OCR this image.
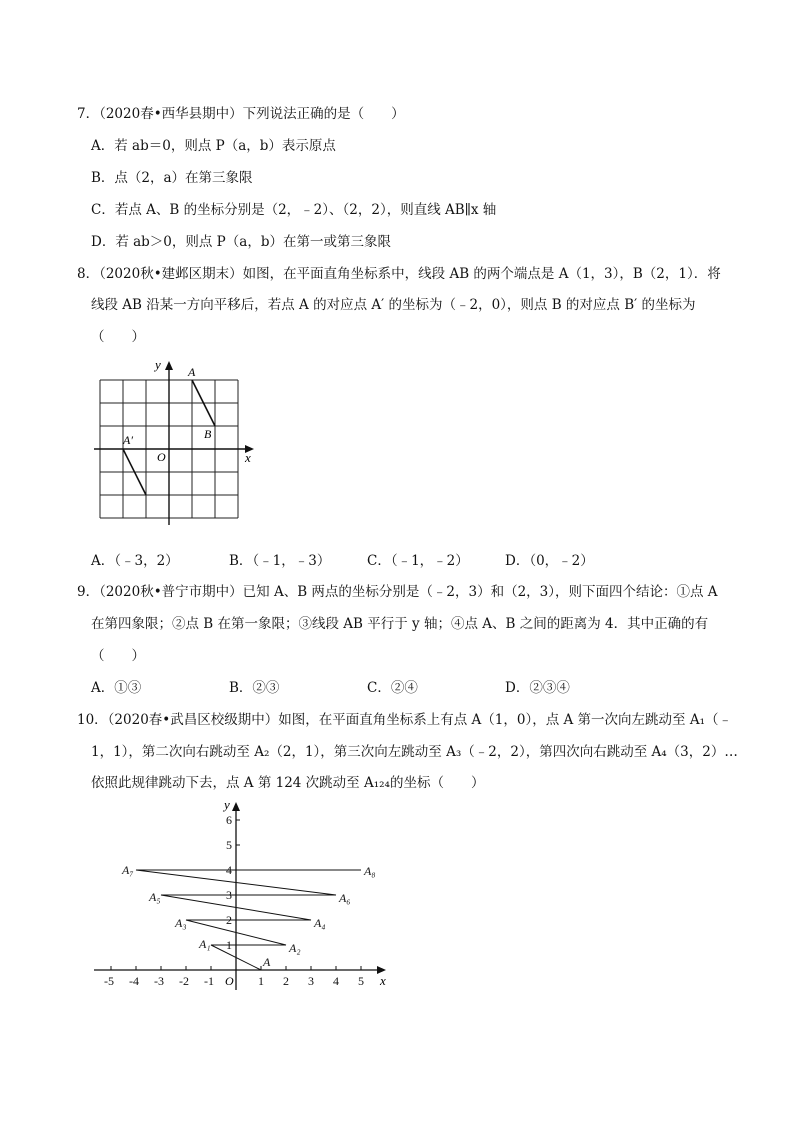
7．（2020春•西华县期中）下列说法正确的是（　　）
A．若 ab＝0，则点 P（a，b）表示原点
B．点（2，a）在第三象限
C．若点 A、B 的坐标分别是（2，﹣2）、（2，2），则直线 AB∥x 轴
D．若 ab＞0，则点 P（a，b）在第一或第三象限
8．（2020秋•建邺区期末）如图，在平面直角坐标系中，线段 AB 的两个端点是 A（1，3），B（2，1）．将
线段 AB 沿某一方向平移后，若点 A 的对应点 A′ 的坐标为（﹣2，0），则点 B 的对应点 B′ 的坐标为
（　　）
y
x
O
A
B
A′
A．（﹣3，2）	B．（﹣1，﹣3）	C．（﹣1，﹣2）	D．（0，﹣2）
9．（2020秋•普宁市期中）已知 A、B 两点的坐标分别是（﹣2，3）和（2，3），则下面四个结论：①点 A
在第四象限；②点 B 在第一象限；③线段 AB 平行于 y 轴；④点 A、B 之间的距离为 4．其中正确的有
（　　）
A．①③	B．②③	C．②④	D．②③④
10．（2020春•武昌区校级期中）如图，在平面直角坐标系上有点 A（1，0），点 A 第一次向左跳动至 A₁（﹣
1，1），第二次向右跳动至 A₂（2，1），第三次向左跳动至 A₃（﹣2，2），第四次向右跳动至 A₄（3，2）…
依照此规律跳动下去，点 A 第 124 次跳动至 A₁₂₄的坐标（　　）
-5 -4 -3 -2 -1	1 2 3 4 5
1
2
3
4
5
6
y
x
O
A
A₁	A₂
A₃	A₄
A₅	A₆
A₇	A₈
